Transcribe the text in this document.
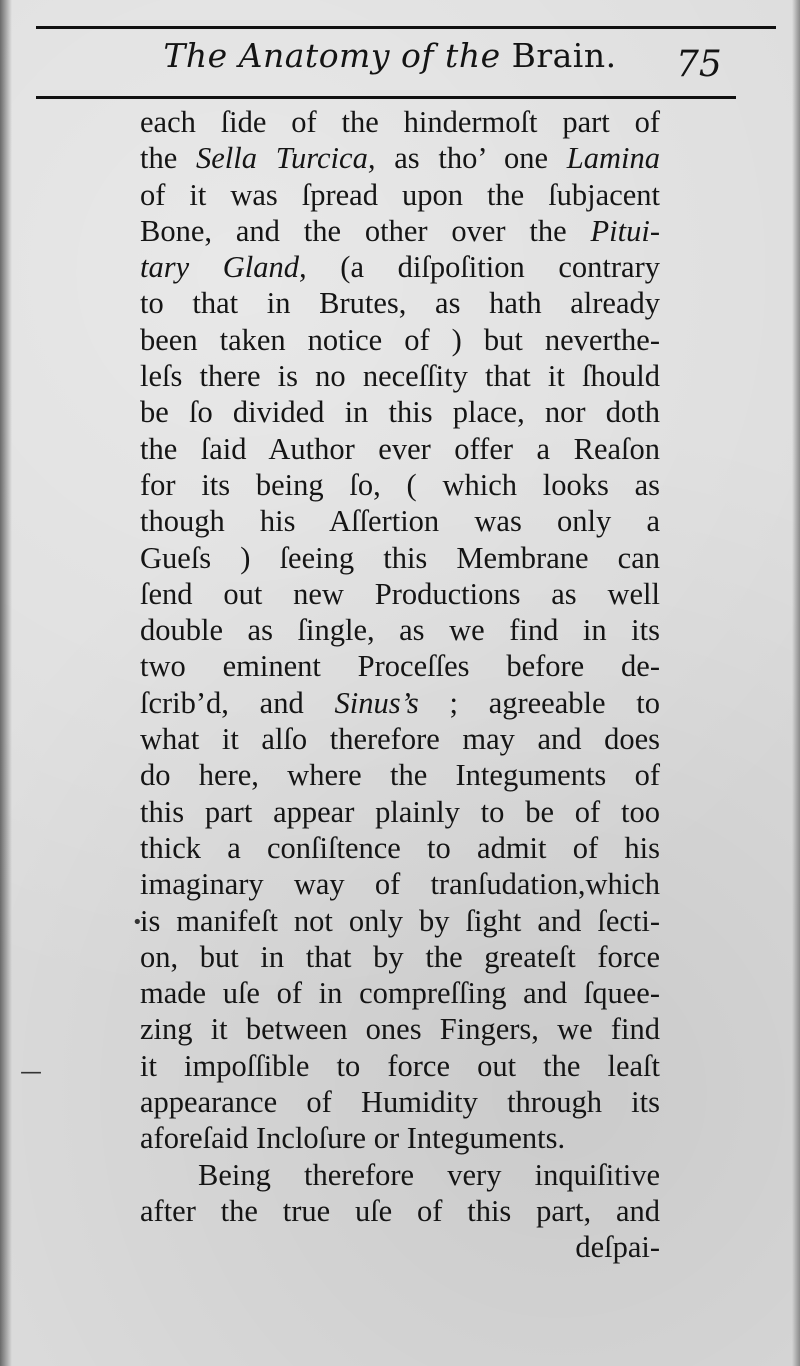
The Anatomy of the Brain.	75
each ſide of the hindermoſt part of
the Sella Turcica, as tho’ one Lamina
of it was ſpread upon the ſubjacent
Bone, and the other over the Pitui-
tary Gland, (a diſpoſition contrary
to that in Brutes, as hath already
been taken notice of ) but neverthe-
leſs there is no neceſſity that it ſhould
be ſo divided in this place, nor doth
the ſaid Author ever offer a Reaſon
for its being ſo, ( which looks as
though his Aſſertion was only a
Gueſs ) ſeeing this Membrane can
ſend out new Productions as well
double as ſingle, as we find in its
two eminent Proceſſes before de-
ſcrib’d, and Sinus’s ; agreeable to
what it alſo therefore may and does
do here, where the Integuments of
this part appear plainly to be of too
thick a conſiſtence to admit of his
imaginary way of tranſudation,which
is manifeſt not only by ſight and ſecti-
on, but in that by the greateſt force
made uſe of in compreſſing and ſquee-
zing it between ones Fingers, we find
it impoſſible to force out the leaſt
appearance of Humidity through its
aforeſaid Incloſure or Integuments.
Being therefore very inquiſitive
after the true uſe of this part, and
deſpai-
•
—
